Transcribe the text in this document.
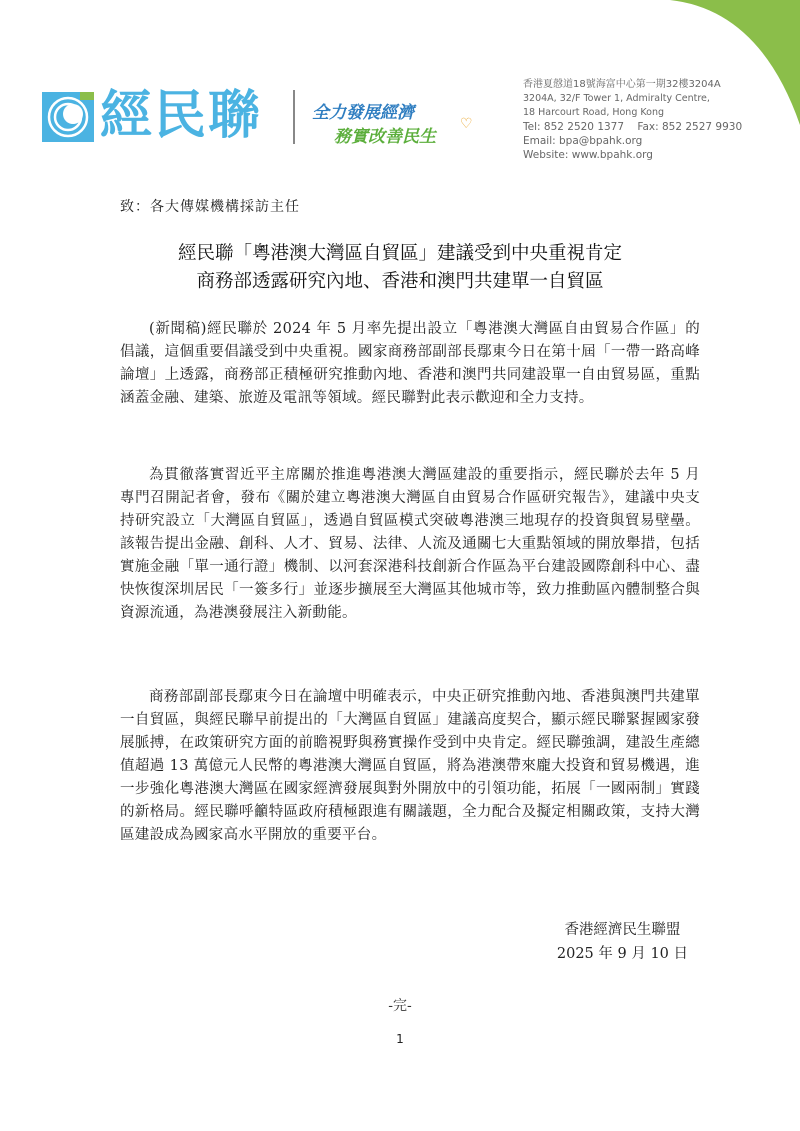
經民聯	全力發展經濟
務實改善民生
♡
香港夏慤道18號海富中心第一期32樓3204A
3204A, 32/F Tower 1, Admiralty Centre,
18 Harcourt Road, Hong Kong
Tel: 852 2520 1377    Fax: 852 2527 9930
Email: bpa@bpahk.org
Website: www.bpahk.org
致：各大傳媒機構採訪主任
經民聯「粵港澳大灣區自貿區」建議受到中央重視肯定
商務部透露研究內地、香港和澳門共建單一自貿區

(新聞稿)經民聯於 2024 年 5 月率先提出設立「粵港澳大灣區自由貿易合作區」的倡議，這個重要倡議受到中央重視。國家商務部副部長鄢東今日在第十屆「一帶一路高峰論壇」上透露，商務部正積極研究推動內地、香港和澳門共同建設單一自由貿易區，重點涵蓋金融、建築、旅遊及電訊等領域。經民聯對此表示歡迎和全力支持。

為貫徹落實習近平主席關於推進粵港澳大灣區建設的重要指示，經民聯於去年 5 月專門召開記者會，發布《關於建立粵港澳大灣區自由貿易合作區研究報告》，建議中央支持研究設立「大灣區自貿區」，透過自貿區模式突破粵港澳三地現存的投資與貿易壁壘。該報告提出金融、創科、人才、貿易、法律、人流及通關七大重點領域的開放舉措，包括實施金融「單一通行證」機制、以河套深港科技創新合作區為平台建設國際創科中心、盡快恢復深圳居民「一簽多行」並逐步擴展至大灣區其他城市等，致力推動區內體制整合與資源流通，為港澳發展注入新動能。

商務部副部長鄢東今日在論壇中明確表示，中央正研究推動內地、香港與澳門共建單一自貿區，與經民聯早前提出的「大灣區自貿區」建議高度契合，顯示經民聯緊握國家發展脈搏，在政策研究方面的前瞻視野與務實操作受到中央肯定。經民聯強調，建設生產總值超過 13 萬億元人民幣的粵港澳大灣區自貿區，將為港澳帶來龐大投資和貿易機遇，進一步強化粵港澳大灣區在國家經濟發展與對外開放中的引領功能，拓展「一國兩制」實踐的新格局。經民聯呼籲特區政府積極跟進有關議題，全力配合及擬定相關政策，支持大灣區建設成為國家高水平開放的重要平台。

香港經濟民生聯盟
2025 年 9 月 10 日
-完-
1
